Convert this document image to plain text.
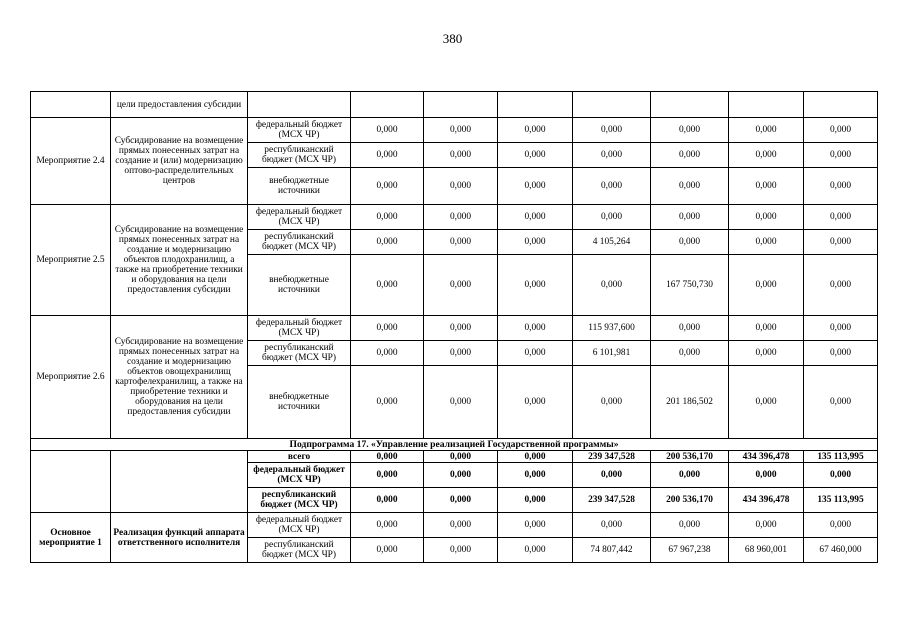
380
	цели предоставления субсидии								
Мероприятие 2.4	Субсидирование на возмещение прямых понесенных затрат на создание и (или) модернизацию оптово-распределительных центров	федеральный бюджет (МСХ ЧР)	0,000	0,000	0,000	0,000	0,000	0,000	0,000
		республиканский бюджет (МСХ ЧР)	0,000	0,000	0,000	0,000	0,000	0,000	0,000
		внебюджетные источники	0,000	0,000	0,000	0,000	0,000	0,000	0,000
Мероприятие 2.5	Субсидирование на возмещение прямых понесенных затрат на создание и модернизацию объектов плодохранилищ, а также на приобретение техники и оборудования на цели предоставления субсидии	федеральный бюджет (МСХ ЧР)	0,000	0,000	0,000	0,000	0,000	0,000	0,000
		республиканский бюджет (МСХ ЧР)	0,000	0,000	0,000	4 105,264	0,000	0,000	0,000
		внебюджетные источники	0,000	0,000	0,000	0,000	167 750,730	0,000	0,000
Мероприятие 2.6	Субсидирование на возмещение прямых понесенных затрат на создание и модернизацию объектов овощехранилищ картофелехранилищ, а также на приобретение техники и оборудования на цели предоставления субсидии	федеральный бюджет (МСХ ЧР)	0,000	0,000	0,000	115 937,600	0,000	0,000	0,000
		республиканский бюджет (МСХ ЧР)	0,000	0,000	0,000	6 101,981	0,000	0,000	0,000
		внебюджетные источники	0,000	0,000	0,000	0,000	201 186,502	0,000	0,000
Подпрограмма 17. «Управление реализацией Государственной программы»									
		всего	0,000	0,000	0,000	239 347,528	200 536,170	434 396,478	135 113,995
		федеральный бюджет (МСХ ЧР)	0,000	0,000	0,000	0,000	0,000	0,000	0,000
		республиканский бюджет (МСХ ЧР)	0,000	0,000	0,000	239 347,528	200 536,170	434 396,478	135 113,995
Основное мероприятие 1	Реализация функций аппарата ответственного исполнителя	федеральный бюджет (МСХ ЧР)	0,000	0,000	0,000	0,000	0,000	0,000	0,000
		республиканский бюджет (МСХ ЧР)	0,000	0,000	0,000	74 807,442	67 967,238	68 960,001	67 460,000
